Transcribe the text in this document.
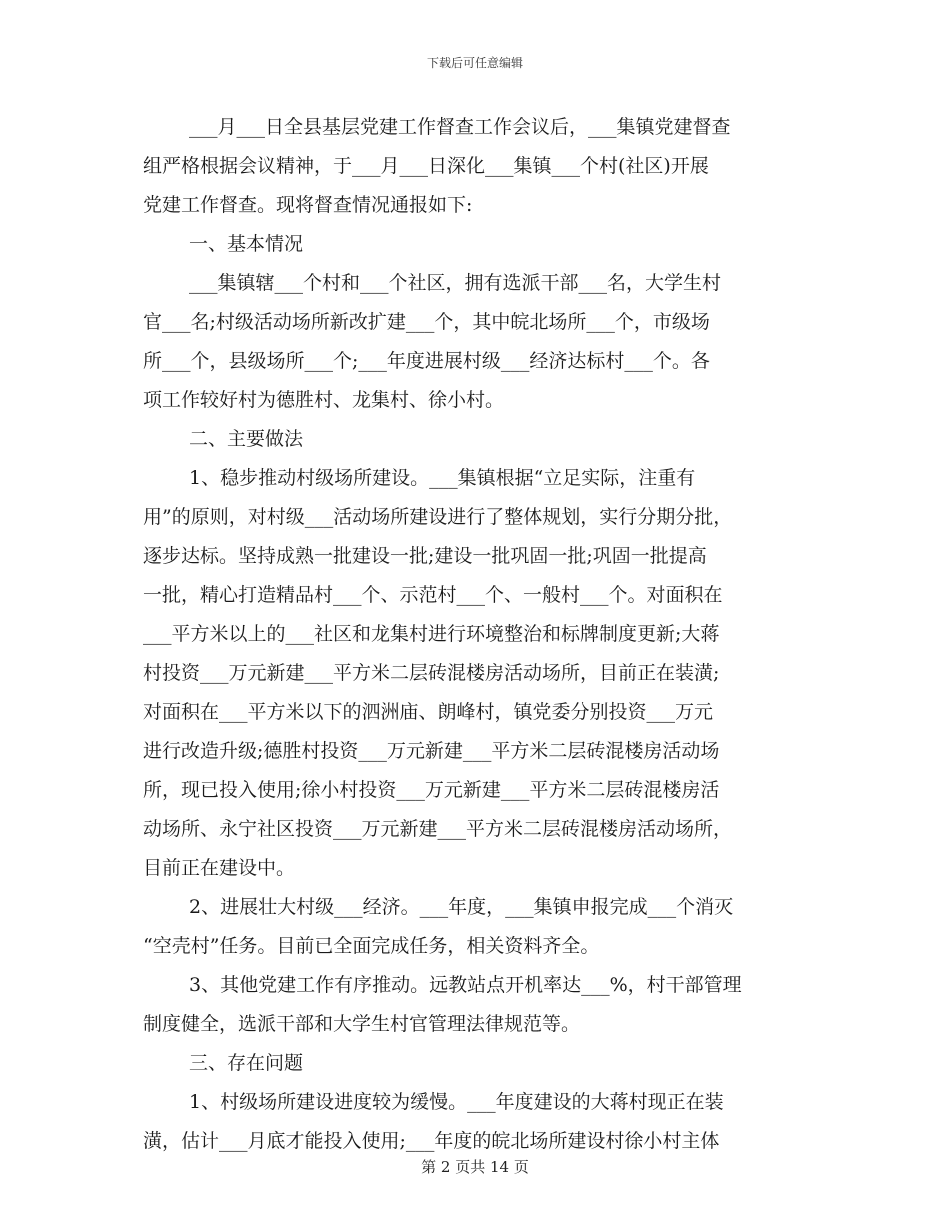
下载后可任意编辑
___月___日全县基层党建工作督查工作会议后，___集镇党建督查
组严格根据会议精神，于___月___日深化___集镇___个村(社区)开展
党建工作督查。现将督查情况通报如下:
一、基本情况
___集镇辖___个村和___个社区，拥有选派干部___名，大学生村
官___名;村级活动场所新改扩建___个，其中皖北场所___个，市级场
所___个，县级场所___个;___年度进展村级___经济达标村___个。各
项工作较好村为德胜村、龙集村、徐小村。
二、主要做法
1、稳步推动村级场所建设。___集镇根据“立足实际，注重有
用”的原则，对村级___活动场所建设进行了整体规划，实行分期分批，
逐步达标。坚持成熟一批建设一批;建设一批巩固一批;巩固一批提高
一批，精心打造精品村___个、示范村___个、一般村___个。对面积在
___平方米以上的___社区和龙集村进行环境整治和标牌制度更新;大蒋
村投资___万元新建___平方米二层砖混楼房活动场所，目前正在装潢;
对面积在___平方米以下的泗洲庙、朗峰村，镇党委分别投资___万元
进行改造升级;德胜村投资___万元新建___平方米二层砖混楼房活动场
所，现已投入使用;徐小村投资___万元新建___平方米二层砖混楼房活
动场所、永宁社区投资___万元新建___平方米二层砖混楼房活动场所，
目前正在建设中。
2、进展壮大村级___经济。___年度，___集镇申报完成___个消灭
“空壳村”任务。目前已全面完成任务，相关资料齐全。
3、其他党建工作有序推动。远教站点开机率达___%，村干部管理
制度健全，选派干部和大学生村官管理法律规范等。
三、存在问题
1、村级场所建设进度较为缓慢。___年度建设的大蒋村现正在装
潢，估计___月底才能投入使用;___年度的皖北场所建设村徐小村主体
第 2 页共 14 页
